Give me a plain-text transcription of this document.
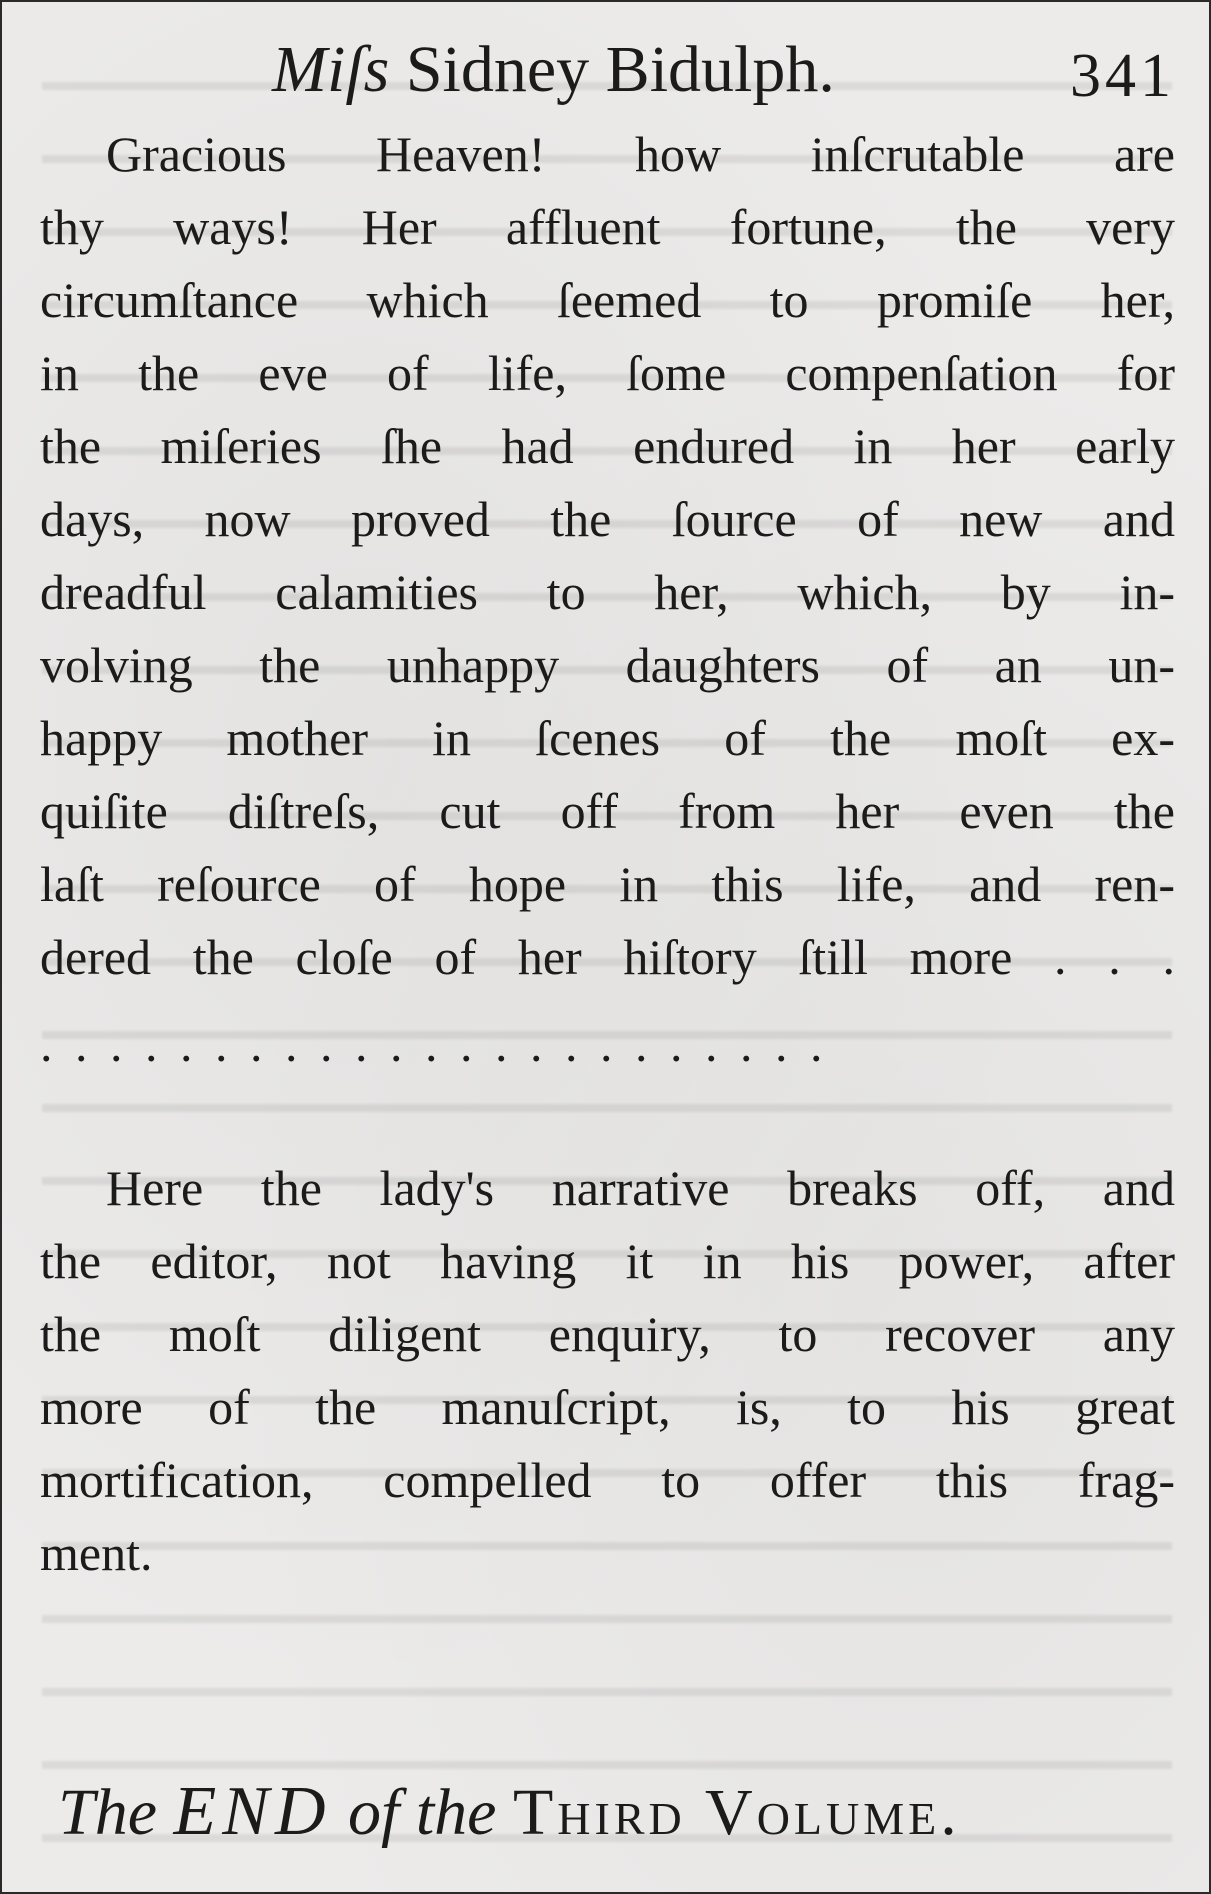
Miſs Sidney Bidulph.	341
Gracious Heaven! how inſcrutable are
thy ways! Her affluent fortune, the very
circumſtance which ſeemed to promiſe her,
in the eve of life, ſome compenſation for
the miſeries ſhe had endured in her early
days, now proved the ſource of new and
dreadful calamities to her, which, by in-
volving the unhappy daughters of an un-
happy mother in ſcenes of the moſt ex-
quiſite diſtreſs, cut off from her even the
laſt reſource of hope in this life, and ren-
dered the cloſe of her hiſtory ſtill more . . .
. . . . . . . . . . . . . . . . . . . . . . .
Here the lady's narrative breaks off, and
the editor, not having it in his power, after
the moſt diligent enquiry, to recover any
more of the manuſcript, is, to his great
mortification, compelled to offer this frag-
ment.
The END of the Third Volume.
